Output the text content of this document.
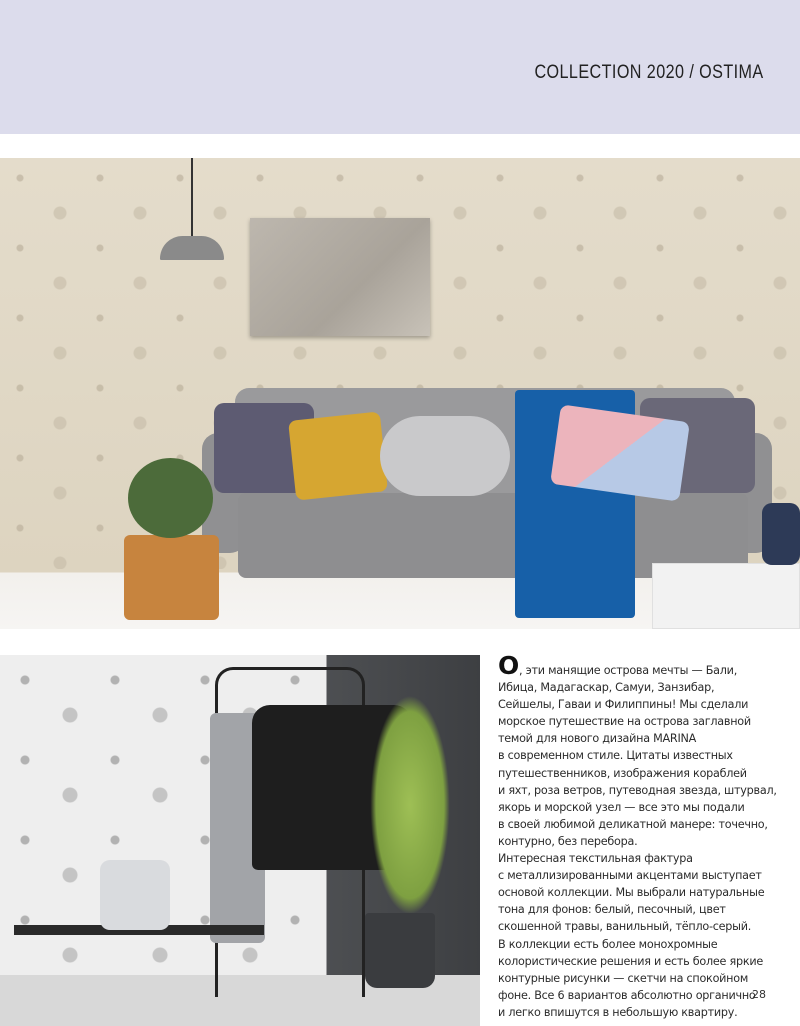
COLLECTION 2020 / OSTIMA
О, эти манящие острова мечты — Бали,
Ибица, Мадагаскар, Самуи, Занзибар,
Сейшелы, Гаваи и Филиппины! Мы сделали
морское путешествие на острова заглавной
темой для нового дизайна MARINA
в современном стиле. Цитаты известных
путешественников, изображения кораблей
и яхт, роза ветров, путеводная звезда, штурвал,
якорь и морской узел — все это мы подали
в своей любимой деликатной манере: точечно,
контурно, без перебора.
Интересная текстильная фактура
с металлизированными акцентами выступает
основой коллекции. Мы выбрали натуральные
тона для фонов: белый, песочный, цвет
скошенной травы, ванильный, тёпло-серый.
В коллекции есть более монохромные
колористические решения и есть более яркие
контурные рисунки — скетчи на спокойном
фоне. Все 6 вариантов абсолютно органично
и легко впишутся в небольшую квартиру.
28
